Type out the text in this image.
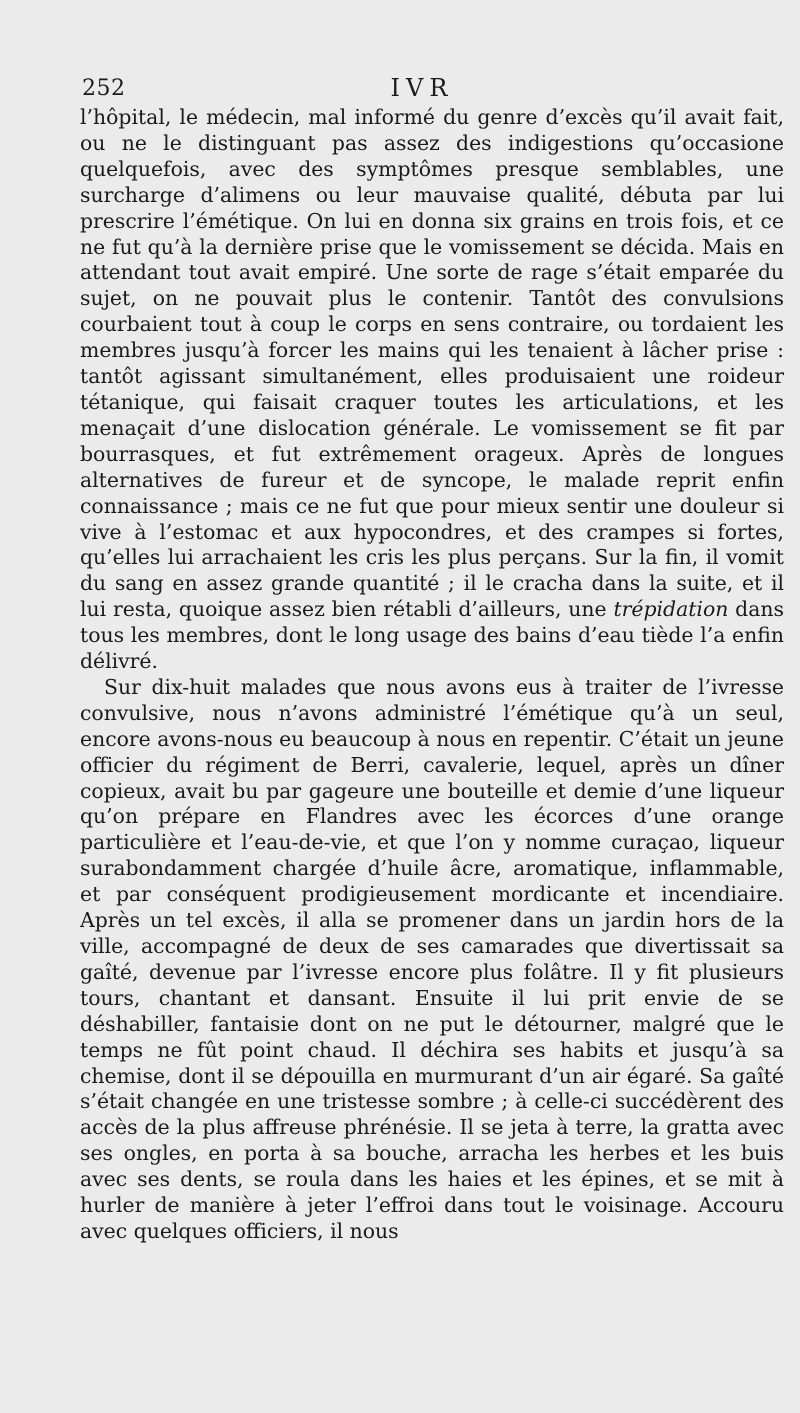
252	IVR

l’hôpital, le médecin, mal informé du genre d’excès qu’il avait fait, ou ne le distinguant pas assez des indigestions qu’occasione quelquefois, avec des symptômes presque semblables, une surcharge d’alimens ou leur mauvaise qualité, débuta par lui prescrire l’émétique. On lui en donna six grains en trois fois, et ce ne fut qu’à la dernière prise que le vomissement se décida. Mais en attendant tout avait empiré. Une sorte de rage s’était emparée du sujet, on ne pouvait plus le contenir. Tantôt des convulsions courbaient tout à coup le corps en sens contraire, ou tordaient les membres jusqu’à forcer les mains qui les tenaient à lâcher prise : tantôt agissant simultanément, elles produisaient une roideur tétanique, qui faisait craquer toutes les articulations, et les menaçait d’une dislocation générale. Le vomissement se fit par bourrasques, et fut extrêmement orageux. Après de longues alternatives de fureur et de syncope, le malade reprit enfin connaissance ; mais ce ne fut que pour mieux sentir une douleur si vive à l’estomac et aux hypocondres, et des crampes si fortes, qu’elles lui arrachaient les cris les plus perçans. Sur la fin, il vomit du sang en assez grande quantité ; il le cracha dans la suite, et il lui resta, quoique assez bien rétabli d’ailleurs, une trépidation dans tous les membres, dont le long usage des bains d’eau tiède l’a enfin délivré.

Sur dix-huit malades que nous avons eus à traiter de l’ivresse convulsive, nous n’avons administré l’émétique qu’à un seul, encore avons-nous eu beaucoup à nous en repentir. C’était un jeune officier du régiment de Berri, cavalerie, lequel, après un dîner copieux, avait bu par gageure une bouteille et demie d’une liqueur qu’on prépare en Flandres avec les écorces d’une orange particulière et l’eau-de-vie, et que l’on y nomme curaçao, liqueur surabondamment chargée d’huile âcre, aromatique, inflammable, et par conséquent prodigieusement mordicante et incendiaire. Après un tel excès, il alla se promener dans un jardin hors de la ville, accompagné de deux de ses camarades que divertissait sa gaîté, devenue par l’ivresse encore plus folâtre. Il y fit plusieurs tours, chantant et dansant. Ensuite il lui prit envie de se déshabiller, fantaisie dont on ne put le détourner, malgré que le temps ne fût point chaud. Il déchira ses habits et jusqu’à sa chemise, dont il se dépouilla en murmurant d’un air égaré. Sa gaîté s’était changée en une tristesse sombre ; à celle-ci succédèrent des accès de la plus affreuse phrénésie. Il se jeta à terre, la gratta avec ses ongles, en porta à sa bouche, arracha les herbes et les buis avec ses dents, se roula dans les haies et les épines, et se mit à hurler de manière à jeter l’effroi dans tout le voisinage. Accouru avec quelques officiers, il nous
